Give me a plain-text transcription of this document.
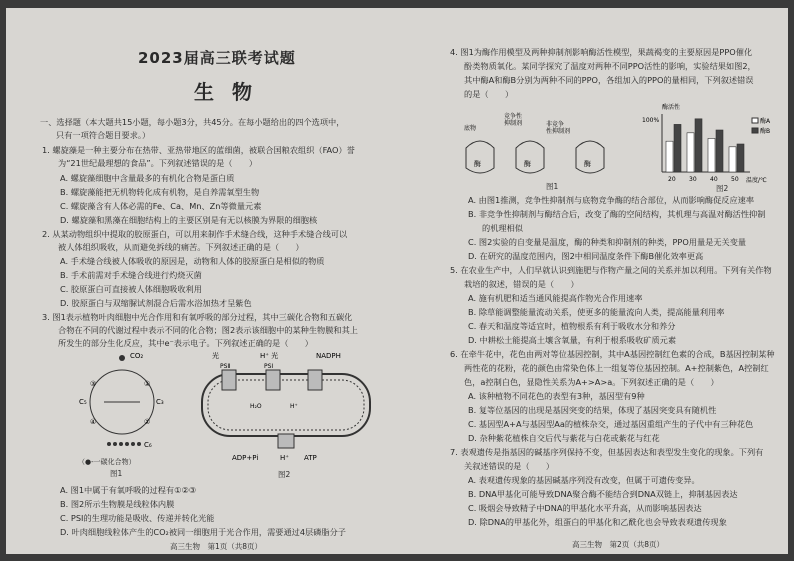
2023届高三联考试题
生物
一、选择题（本大题共15小题，每小题3分，共45分。在每小题给出的四个选项中，
只有一项符合题目要求。）
1. 螺旋藻是一种主要分布在热带、亚热带地区的蓝细菌，被联合国粮农组织（FAO）誉
为“21世纪最理想的食品”。下列叙述错误的是（　　）
A. 螺旋藻细胞中含量最多的有机化合物是蛋白质
B. 螺旋藻能把无机物转化成有机物，是自养需氧型生物
C. 螺旋藻含有人体必需的Fe、Ca、Mn、Zn等微量元素
D. 螺旋藻和黑藻在细胞结构上的主要区别是有无以核膜为界限的细胞核
2. 从某动物组织中提取的胶原蛋白，可以用来制作手术缝合线，这种手术缝合线可以
被人体组织吸收，从而避免拆线的痛苦。下列叙述正确的是（　　）
A. 手术缝合线被人体吸收的原因是，动物和人体的胶原蛋白是相似的物质
B. 手术前需对手术缝合线进行灼烧灭菌
C. 胶原蛋白可直接被人体细胞吸收利用
D. 胶原蛋白与双缩脲试剂混合后需水浴加热才呈紫色
3. 图1表示植物叶肉细胞中光合作用和有氧呼吸的部分过程，其中三碳化合物和五碳化
合物在不同的代谢过程中表示不同的化合物；图2表示该细胞中的某种生物膜和其上
所发生的部分生化反应，其中e⁻表示电子。下列叙述正确的是（　　）
CO₂
C₅	C₃
③	①
④	②
C₆
（●-一碳化合物）
图1
光	H⁺ 光	NADPH
PSⅡ	PSⅠ
H₂O	H⁺
ADP+Pi	H⁺ ATP
图2
A. 图1中属于有氧呼吸的过程有①②③
B. 图2所示生物膜是线粒体内膜
C. PSⅠ的生理功能是吸收、传递并转化光能
D. 叶肉细胞线粒体产生的CO₂被同一细胞用于光合作用，需要通过4层磷脂分子
高三生物　第1页（共8页）
4. 图1为酶作用模型及两种抑制剂影响酶活性模型，果蔬褐变的主要原因是PPO催化
酚类物质氧化。某同学探究了温度对两种不同PPO活性的影响，实验结果如图2，
其中酶A和酶B分别为两种不同的PPO，各组加入的PPO的量相同，下列叙述错误
的是（　　）
底物
竞争性
抑制剂	非竞争
性抑制剂
酶	酶	酶
图1
酶活性
100%
20 30 40 50 温度/℃
酶A
酶B
图2
A. 由图1推测，竞争性抑制剂与底物竞争酶的结合部位，从而影响酶促反应速率
B. 非竞争性抑制剂与酶结合后，改变了酶的空间结构，其机理与高温对酶活性抑制
的机理相似
C. 图2实验的自变量是温度，酶的种类和抑制剂的种类，PPO用量是无关变量
D. 在研究的温度范围内，图2中相同温度条件下酶B催化效率更高
5. 在农业生产中，人们早就认识到施肥与作物产量之间的关系并加以利用。下列有关作物
栽培的叙述，错误的是（　　）
A. 施有机肥和适当通风能提高作物光合作用速率
B. 除草能调整能量流动关系，使更多的能量流向人类，提高能量利用率
C. 春天和温度等适宜时，植物根系有利于吸收水分和养分
D. 中耕松土能提高土壤含氧量，有利于根系吸收矿质元素
6. 在牵牛花中，花色由两对等位基因控制，其中A基因控制红色素的合成，B基因控制某种
两性花的花粉，花的颜色由常染色体上一组复等位基因控制。A+控制紫色，A控制红
色，a控制白色，显隐性关系为A+>A>a。下列叙述正确的是（　　）
A. 该种植物不同花色的表型有3种，基因型有9种
B. 复等位基因的出现是基因突变的结果，体现了基因突变具有随机性
C. 基因型A+A与基因型Aa的植株杂交，通过基因重组产生的子代中有三种花色
D. 杂种紫花植株自交后代与紫花与白花或紫花与红花
7. 表观遗传是指基因的碱基序列保持不变，但基因表达和表型发生变化的现象。下列有
关叙述错误的是（　　）
A. 表观遗传现象的基因碱基序列没有改变，但属于可遗传变异。
B. DNA甲基化可能导致DNA聚合酶不能结合到DNA双链上，抑制基因表达
C. 吸烟会导致精子中DNA的甲基化水平升高，从而影响基因表达
D. 除DNA的甲基化外，组蛋白的甲基化和乙酰化也会导致表观遗传现象
高三生物　第2页（共8页）
